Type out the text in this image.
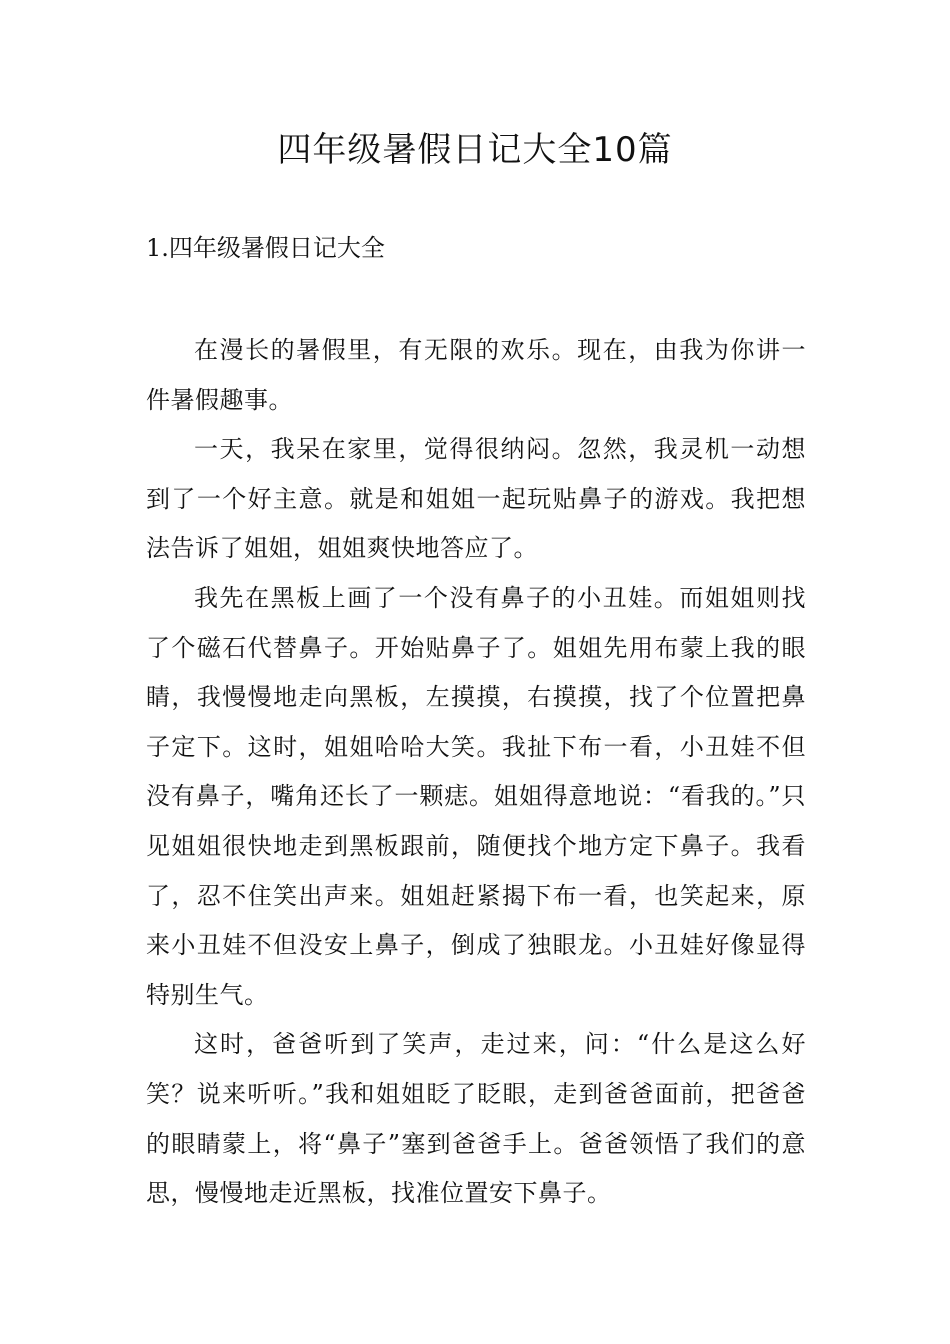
四年级暑假日记大全10篇
1.四年级暑假日记大全

在漫长的暑假里，有无限的欢乐。现在，由我为你讲一件暑假趣事。

一天，我呆在家里，觉得很纳闷。忽然，我灵机一动想到了一个好主意。就是和姐姐一起玩贴鼻子的游戏。我把想法告诉了姐姐，姐姐爽快地答应了。

我先在黑板上画了一个没有鼻子的小丑娃。而姐姐则找了个磁石代替鼻子。开始贴鼻子了。姐姐先用布蒙上我的眼睛，我慢慢地走向黑板，左摸摸，右摸摸，找了个位置把鼻子定下。这时，姐姐哈哈大笑。我扯下布一看，小丑娃不但没有鼻子，嘴角还长了一颗痣。姐姐得意地说：“看我的。”只见姐姐很快地走到黑板跟前，随便找个地方定下鼻子。我看了，忍不住笑出声来。姐姐赶紧揭下布一看，也笑起来，原来小丑娃不但没安上鼻子，倒成了独眼龙。小丑娃好像显得特别生气。

这时，爸爸听到了笑声，走过来，问：“什么是这么好笑？说来听听。”我和姐姐眨了眨眼，走到爸爸面前，把爸爸的眼睛蒙上，将“鼻子”塞到爸爸手上。爸爸领悟了我们的意思，慢慢地走近黑板，找准位置安下鼻子。
